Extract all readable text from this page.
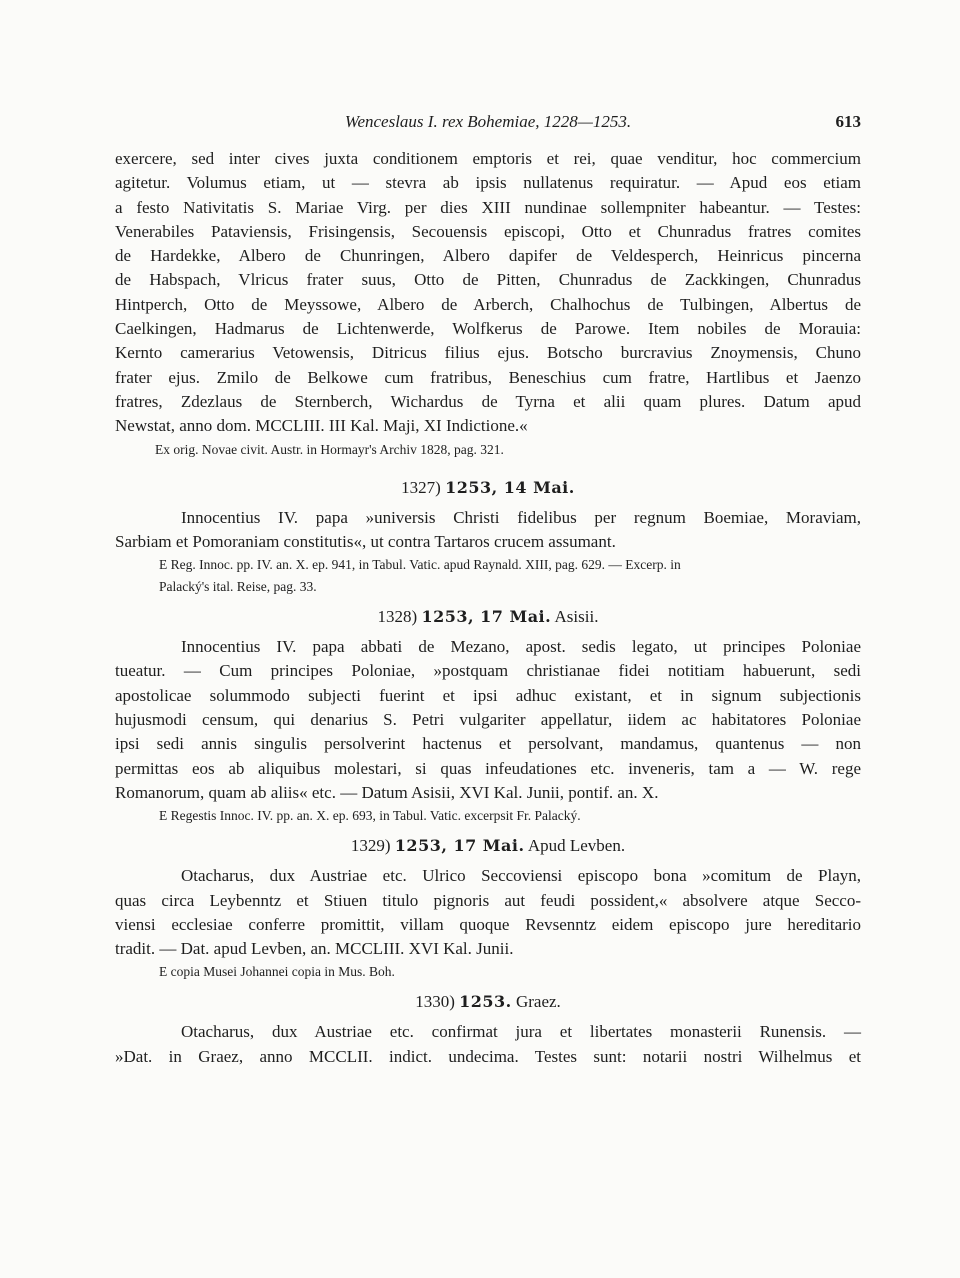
Wenceslaus I. rex Bohemiae, 1228—1253.	613
exercere, sed inter cives juxta conditionem emptoris et rei, quae venditur, hoc commercium
agitetur. Volumus etiam, ut — stevra ab ipsis nullatenus requiratur. — Apud eos etiam
a festo Nativitatis S. Mariae Virg. per dies XIII nundinae sollempniter habeantur. — Testes:
Venerabiles Pataviensis, Frisingensis, Secouensis episcopi, Otto et Chunradus fratres comites
de Hardekke, Albero de Chunringen, Albero dapifer de Veldesperch, Heinricus pincerna
de Habspach, Vlricus frater suus, Otto de Pitten, Chunradus de Zackkingen, Chunradus
Hintperch, Otto de Meyssowe, Albero de Arberch, Chalhochus de Tulbingen, Albertus de
Caelkingen, Hadmarus de Lichtenwerde, Wolfkerus de Parowe. Item nobiles de Morauia:
Kernto camerarius Vetowensis, Ditricus filius ejus. Botscho burcravius Znoymensis, Chuno
frater ejus. Zmilo de Belkowe cum fratribus, Beneschius cum fratre, Hartlibus et Jaenzo
fratres, Zdezlaus de Sternberch, Wichardus de Tyrna et alii quam plures. Datum apud
Newstat, anno dom. MCCLIII. III Kal. Maji, XI Indictione.«
Ex orig. Novae civit. Austr. in Hormayr's Archiv 1828, pag. 321.
1327) 1253, 14 Mai.
Innocentius IV. papa »universis Christi fidelibus per regnum Boemiae, Moraviam,
Sarbiam et Pomoraniam constitutis«, ut contra Tartaros crucem assumant.
E Reg. Innoc. pp. IV. an. X. ep. 941, in Tabul. Vatic. apud Raynald. XIII, pag. 629. — Excerp. in
Palacký's ital. Reise, pag. 33.
1328) 1253, 17 Mai. Asisii.
Innocentius IV. papa abbati de Mezano, apost. sedis legato, ut principes Poloniae
tueatur. — Cum principes Poloniae, »postquam christianae fidei notitiam habuerunt, sedi
apostolicae solummodo subjecti fuerint et ipsi adhuc existant, et in signum subjectionis
hujusmodi censum, qui denarius S. Petri vulgariter appellatur, iidem ac habitatores Poloniae
ipsi sedi annis singulis persolverint hactenus et persolvant, mandamus, quantenus — non
permittas eos ab aliquibus molestari, si quas infeudationes etc. inveneris, tam a — W. rege
Romanorum, quam ab aliis« etc. — Datum Asisii, XVI Kal. Junii, pontif. an. X.
E Regestis Innoc. IV. pp. an. X. ep. 693, in Tabul. Vatic. excerpsit Fr. Palacký.
1329) 1253, 17 Mai. Apud Levben.
Otacharus, dux Austriae etc. Ulrico Seccoviensi episcopo bona »comitum de Playn,
quas circa Leybenntz et Stiuen titulo pignoris aut feudi possident,« absolvere atque Secco-
viensi ecclesiae conferre promittit, villam quoque Revsenntz eidem episcopo jure hereditario
tradit. — Dat. apud Levben, an. MCCLIII. XVI Kal. Junii.
E copia Musei Johannei copia in Mus. Boh.
1330) 1253. Graez.
Otacharus, dux Austriae etc. confirmat jura et libertates monasterii Runensis. —
»Dat. in Graez, anno MCCLII. indict. undecima. Testes sunt: notarii nostri Wilhelmus et
